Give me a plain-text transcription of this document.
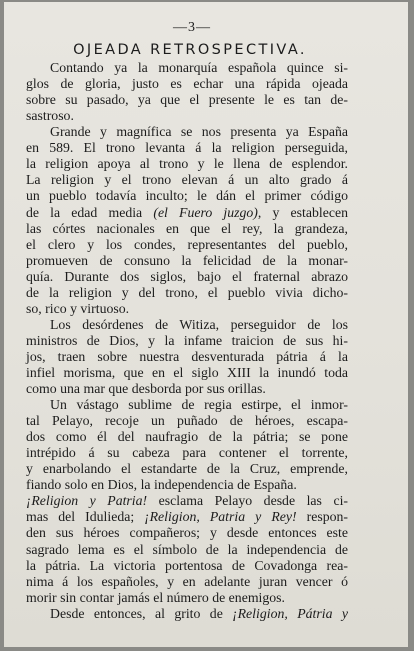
—3—
OJEADA RETROSPECTIVA.
Contando ya la monarquía española quince si-
glos de gloria, justo es echar una rápida ojeada
sobre su pasado, ya que el presente le es tan de-
sastroso.
Grande y magnífica se nos presenta ya España
en 589. El trono levanta á la religion perseguida,
la religion apoya al trono y le llena de esplendor.
La religion y el trono elevan á un alto grado á
un pueblo todavía inculto; le dán el primer código
de la edad media (el Fuero juzgo), y establecen
las córtes nacionales en que el rey, la grandeza,
el clero y los condes, representantes del pueblo,
promueven de consuno la felicidad de la monar-
quía. Durante dos siglos, bajo el fraternal abrazo
de la religion y del trono, el pueblo vivia dicho-
so, rico y virtuoso.
Los desórdenes de Witiza, perseguidor de los
ministros de Dios, y la infame traicion de sus hi-
jos, traen sobre nuestra desventurada pátria á la
infiel morisma, que en el siglo XIII la inundó toda
como una mar que desborda por sus orillas.
Un vástago sublime de regia estirpe, el inmor-
tal Pelayo, recoje un puñado de héroes, escapa-
dos como él del naufragio de la pátria; se pone
intrépido á su cabeza para contener el torrente,
y enarbolando el estandarte de la Cruz, emprende,
fiando solo en Dios, la independencia de España.
¡Religion y Patria! esclama Pelayo desde las ci-
mas del Idulieda; ¡Religion, Patria y Rey! respon-
den sus héroes compañeros; y desde entonces este
sagrado lema es el símbolo de la independencia de
la pátria. La victoria portentosa de Covadonga rea-
nima á los españoles, y en adelante juran vencer ó
morir sin contar jamás el número de enemigos.
Desde entonces, al grito de ¡Religion, Pátria y
